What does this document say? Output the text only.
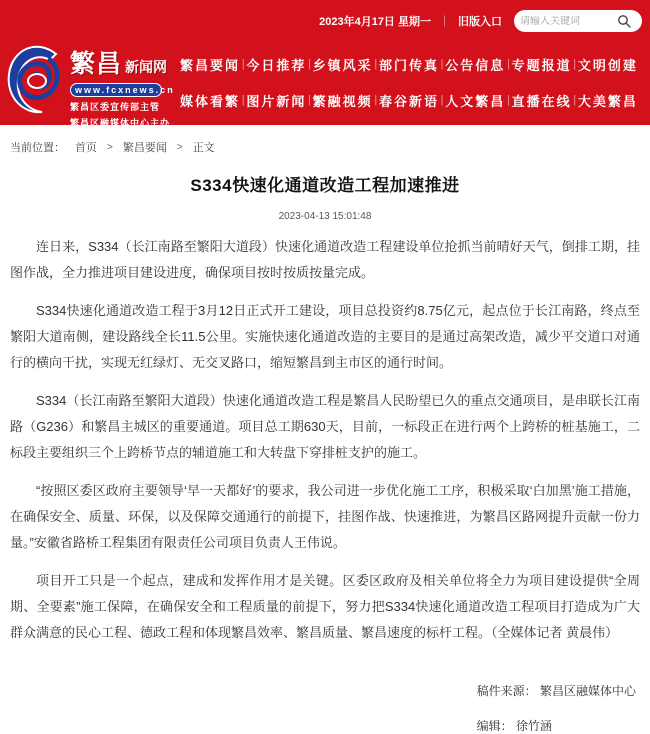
繁昌 新闻网
www.fcxnews.cn
繁昌区委宣传部主管
繁昌区融媒体中心主办
2023年4月17日 星期一 ｜ 旧版入口
请输入关键词
繁昌要闻 | 今日推荐 | 乡镇风采 | 部门传真 | 公告信息 | 专题报道 | 文明创建
媒体看繁 | 图片新闻 | 繁融视频 | 春谷新语 | 人文繁昌 | 直播在线 | 大美繁昌
当前位置： 首页 > 繁昌要闻 > 正文
S334快速化通道改造工程加速推进
2023-04-13 15:01:48

连日来，S334（长江南路至繁阳大道段）快速化通道改造工程建设单位抢抓当前晴好天气，倒排工期，挂图作战，全力推进项目建设进度，确保项目按时按质按量完成。

S334快速化通道改造工程于3月12日正式开工建设，项目总投资约8.75亿元，起点位于长江南路，终点至繁阳大道南侧，建设路线全长11.5公里。实施快速化通道改造的主要目的是通过高架改造，减少平交道口对通行的横向干扰，实现无红绿灯、无交叉路口，缩短繁昌到主市区的通行时间。

S334（长江南路至繁阳大道段）快速化通道改造工程是繁昌人民盼望已久的重点交通项目，是串联长江南路（G236）和繁昌主城区的重要通道。项目总工期630天，目前，一标段正在进行两个上跨桥的桩基施工，二标段主要组织三个上跨桥节点的辅道施工和大转盘下穿排桩支护的施工。

“按照区委区政府主要领导‘早一天都好’的要求，我公司进一步优化施工工序，积极采取‘白加黑’施工措施，在确保安全、质量、环保，以及保障交通通行的前提下，挂图作战、快速推进，为繁昌区路网提升贡献一份力量。”安徽省路桥工程集团有限责任公司项目负责人王伟说。

项目开工只是一个起点，建成和发挥作用才是关键。区委区政府及相关单位将全力为项目建设提供“全周期、全要素”施工保障，在确保安全和工程质量的前提下，努力把S334快速化通道改造工程项目打造成为广大群众满意的民心工程、德政工程和体现繁昌效率、繁昌质量、繁昌速度的标杆工程。（全媒体记者 黄晨伟）

稿件来源： 繁昌区融媒体中心
编辑： 徐竹涵
